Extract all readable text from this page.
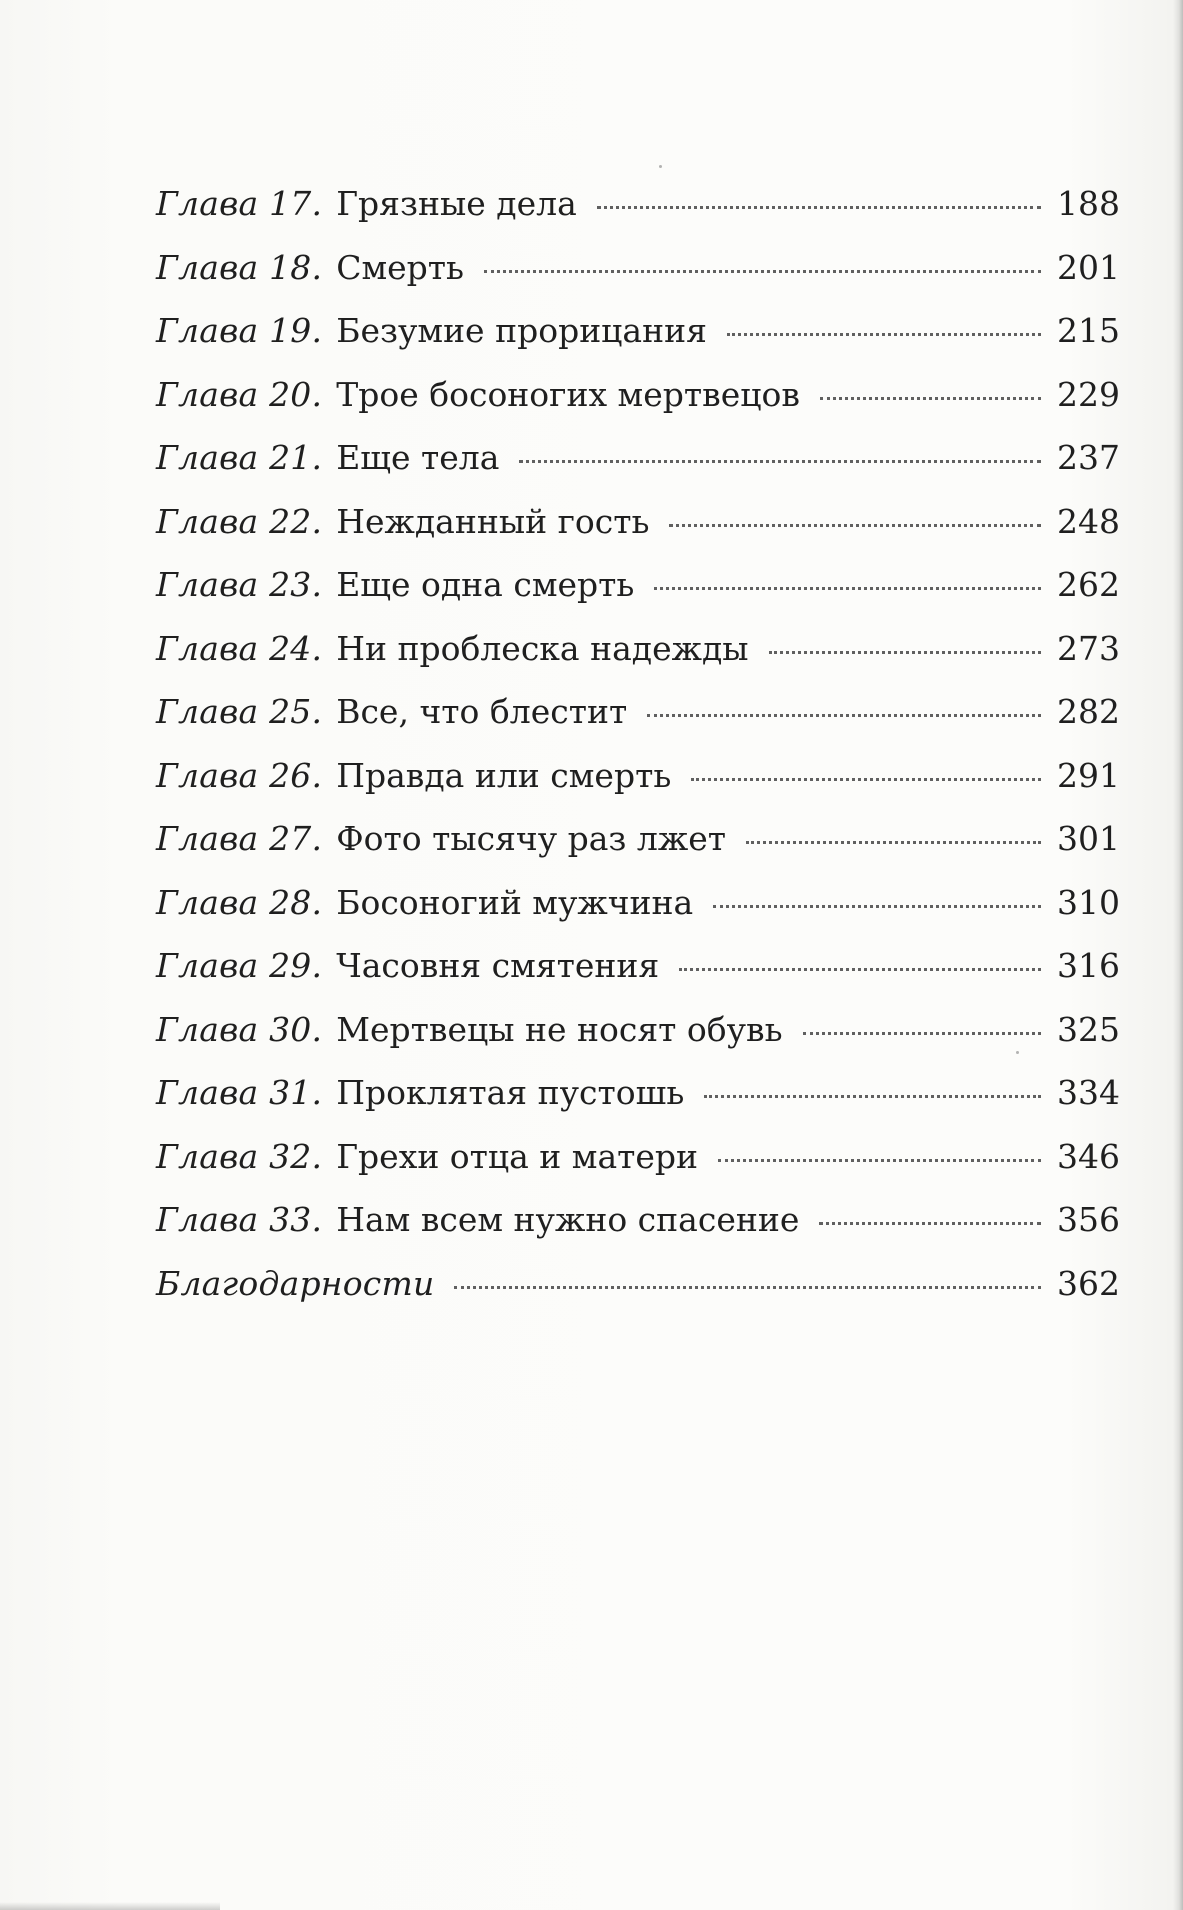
Глава 17. Грязные дела	188
Глава 18. Смерть	201
Глава 19. Безумие прорицания	215
Глава 20. Трое босоногих мертвецов	229
Глава 21. Еще тела	237
Глава 22. Нежданный гость	248
Глава 23. Еще одна смерть	262
Глава 24. Ни проблеска надежды	273
Глава 25. Все, что блестит	282
Глава 26. Правда или смерть	291
Глава 27. Фото тысячу раз лжет	301
Глава 28. Босоногий мужчина	310
Глава 29. Часовня смятения	316
Глава 30. Мертвецы не носят обувь	325
Глава 31. Проклятая пустошь	334
Глава 32. Грехи отца и матери	346
Глава 33. Нам всем нужно спасение	356
Благодарности	362
